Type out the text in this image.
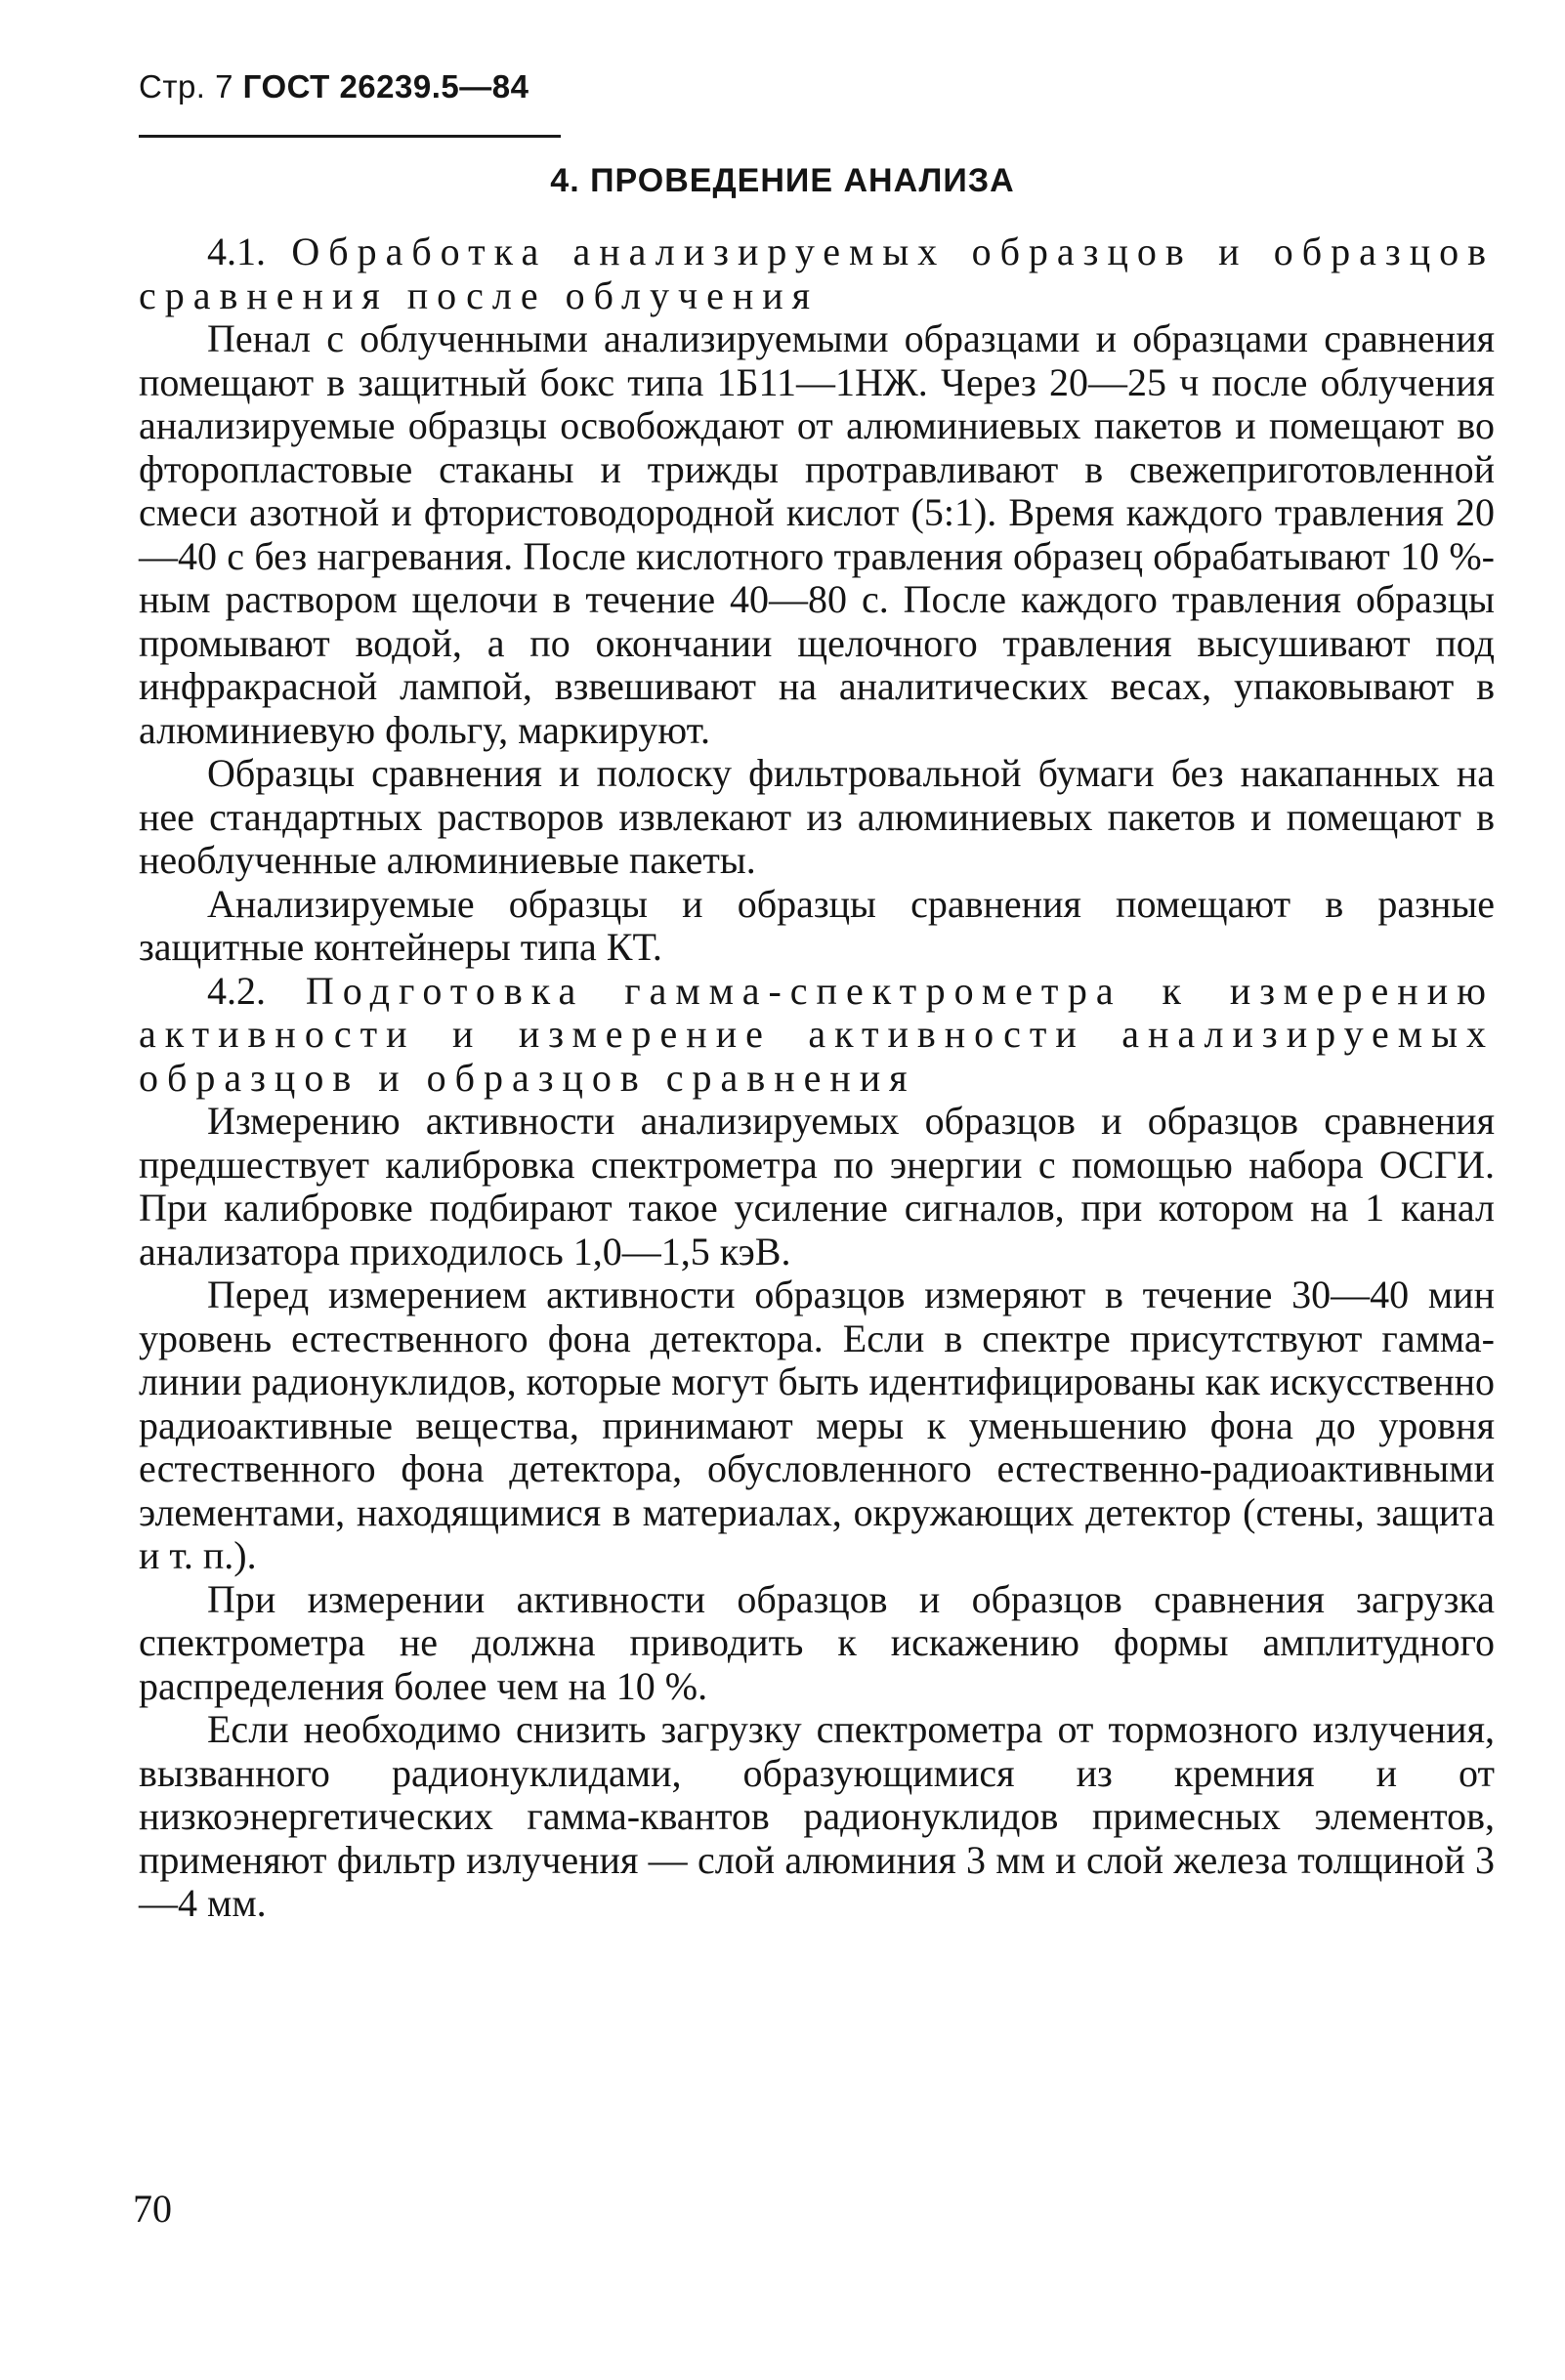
Стр. 7 ГОСТ 26239.5—84
4. ПРОВЕДЕНИЕ АНАЛИЗА

4.1. Обработка анализируемых образцов и образцов сравнения после облучения

Пенал с облученными анализируемыми образцами и образцами сравнения помещают в защитный бокс типа 1Б11—1НЖ. Через 20—25 ч после облучения анализируемые образцы освобождают от алюминиевых пакетов и помещают во фторопластовые стаканы и трижды протравливают в свежеприготовленной смеси азотной и фтористоводородной кислот (5:1). Время каждого травления 20—40 с без нагревания. После кислотного травления образец обрабатывают 10 %-ным раствором щелочи в течение 40—80 с. После каждого травления образцы промывают водой, а по окончании щелочного травления высушивают под инфракрасной лампой, взвешивают на аналитических весах, упаковывают в алюминиевую фольгу, маркируют.

Образцы сравнения и полоску фильтровальной бумаги без накапанных на нее стандартных растворов извлекают из алюминиевых пакетов и помещают в необлученные алюминиевые пакеты.

Анализируемые образцы и образцы сравнения помещают в разные защитные контейнеры типа КТ.

4.2. Подготовка гамма-спектрометра к измерению активности и измерение активности анализируемых образцов и образцов сравнения

Измерению активности анализируемых образцов и образцов сравнения предшествует калибровка спектрометра по энергии с помощью набора ОСГИ. При калибровке подбирают такое усиление сигналов, при котором на 1 канал анализатора приходилось 1,0—1,5 кэВ.

Перед измерением активности образцов измеряют в течение 30—40 мин уровень естественного фона детектора. Если в спектре присутствуют гамма-линии радионуклидов, которые могут быть идентифицированы как искусственно радиоактивные вещества, принимают меры к уменьшению фона до уровня естественного фона детектора, обусловленного естественно-радиоактивными элементами, находящимися в материалах, окружающих детектор (стены, защита и т. п.).

При измерении активности образцов и образцов сравнения загрузка спектрометра не должна приводить к искажению формы амплитудного распределения более чем на 10 %.

Если необходимо снизить загрузку спектрометра от тормозного излучения, вызванного радионуклидами, образующимися из кремния и от низкоэнергетических гамма-квантов радионуклидов примесных элементов, применяют фильтр излучения — слой алюминия 3 мм и слой железа толщиной 3—4 мм.

70
